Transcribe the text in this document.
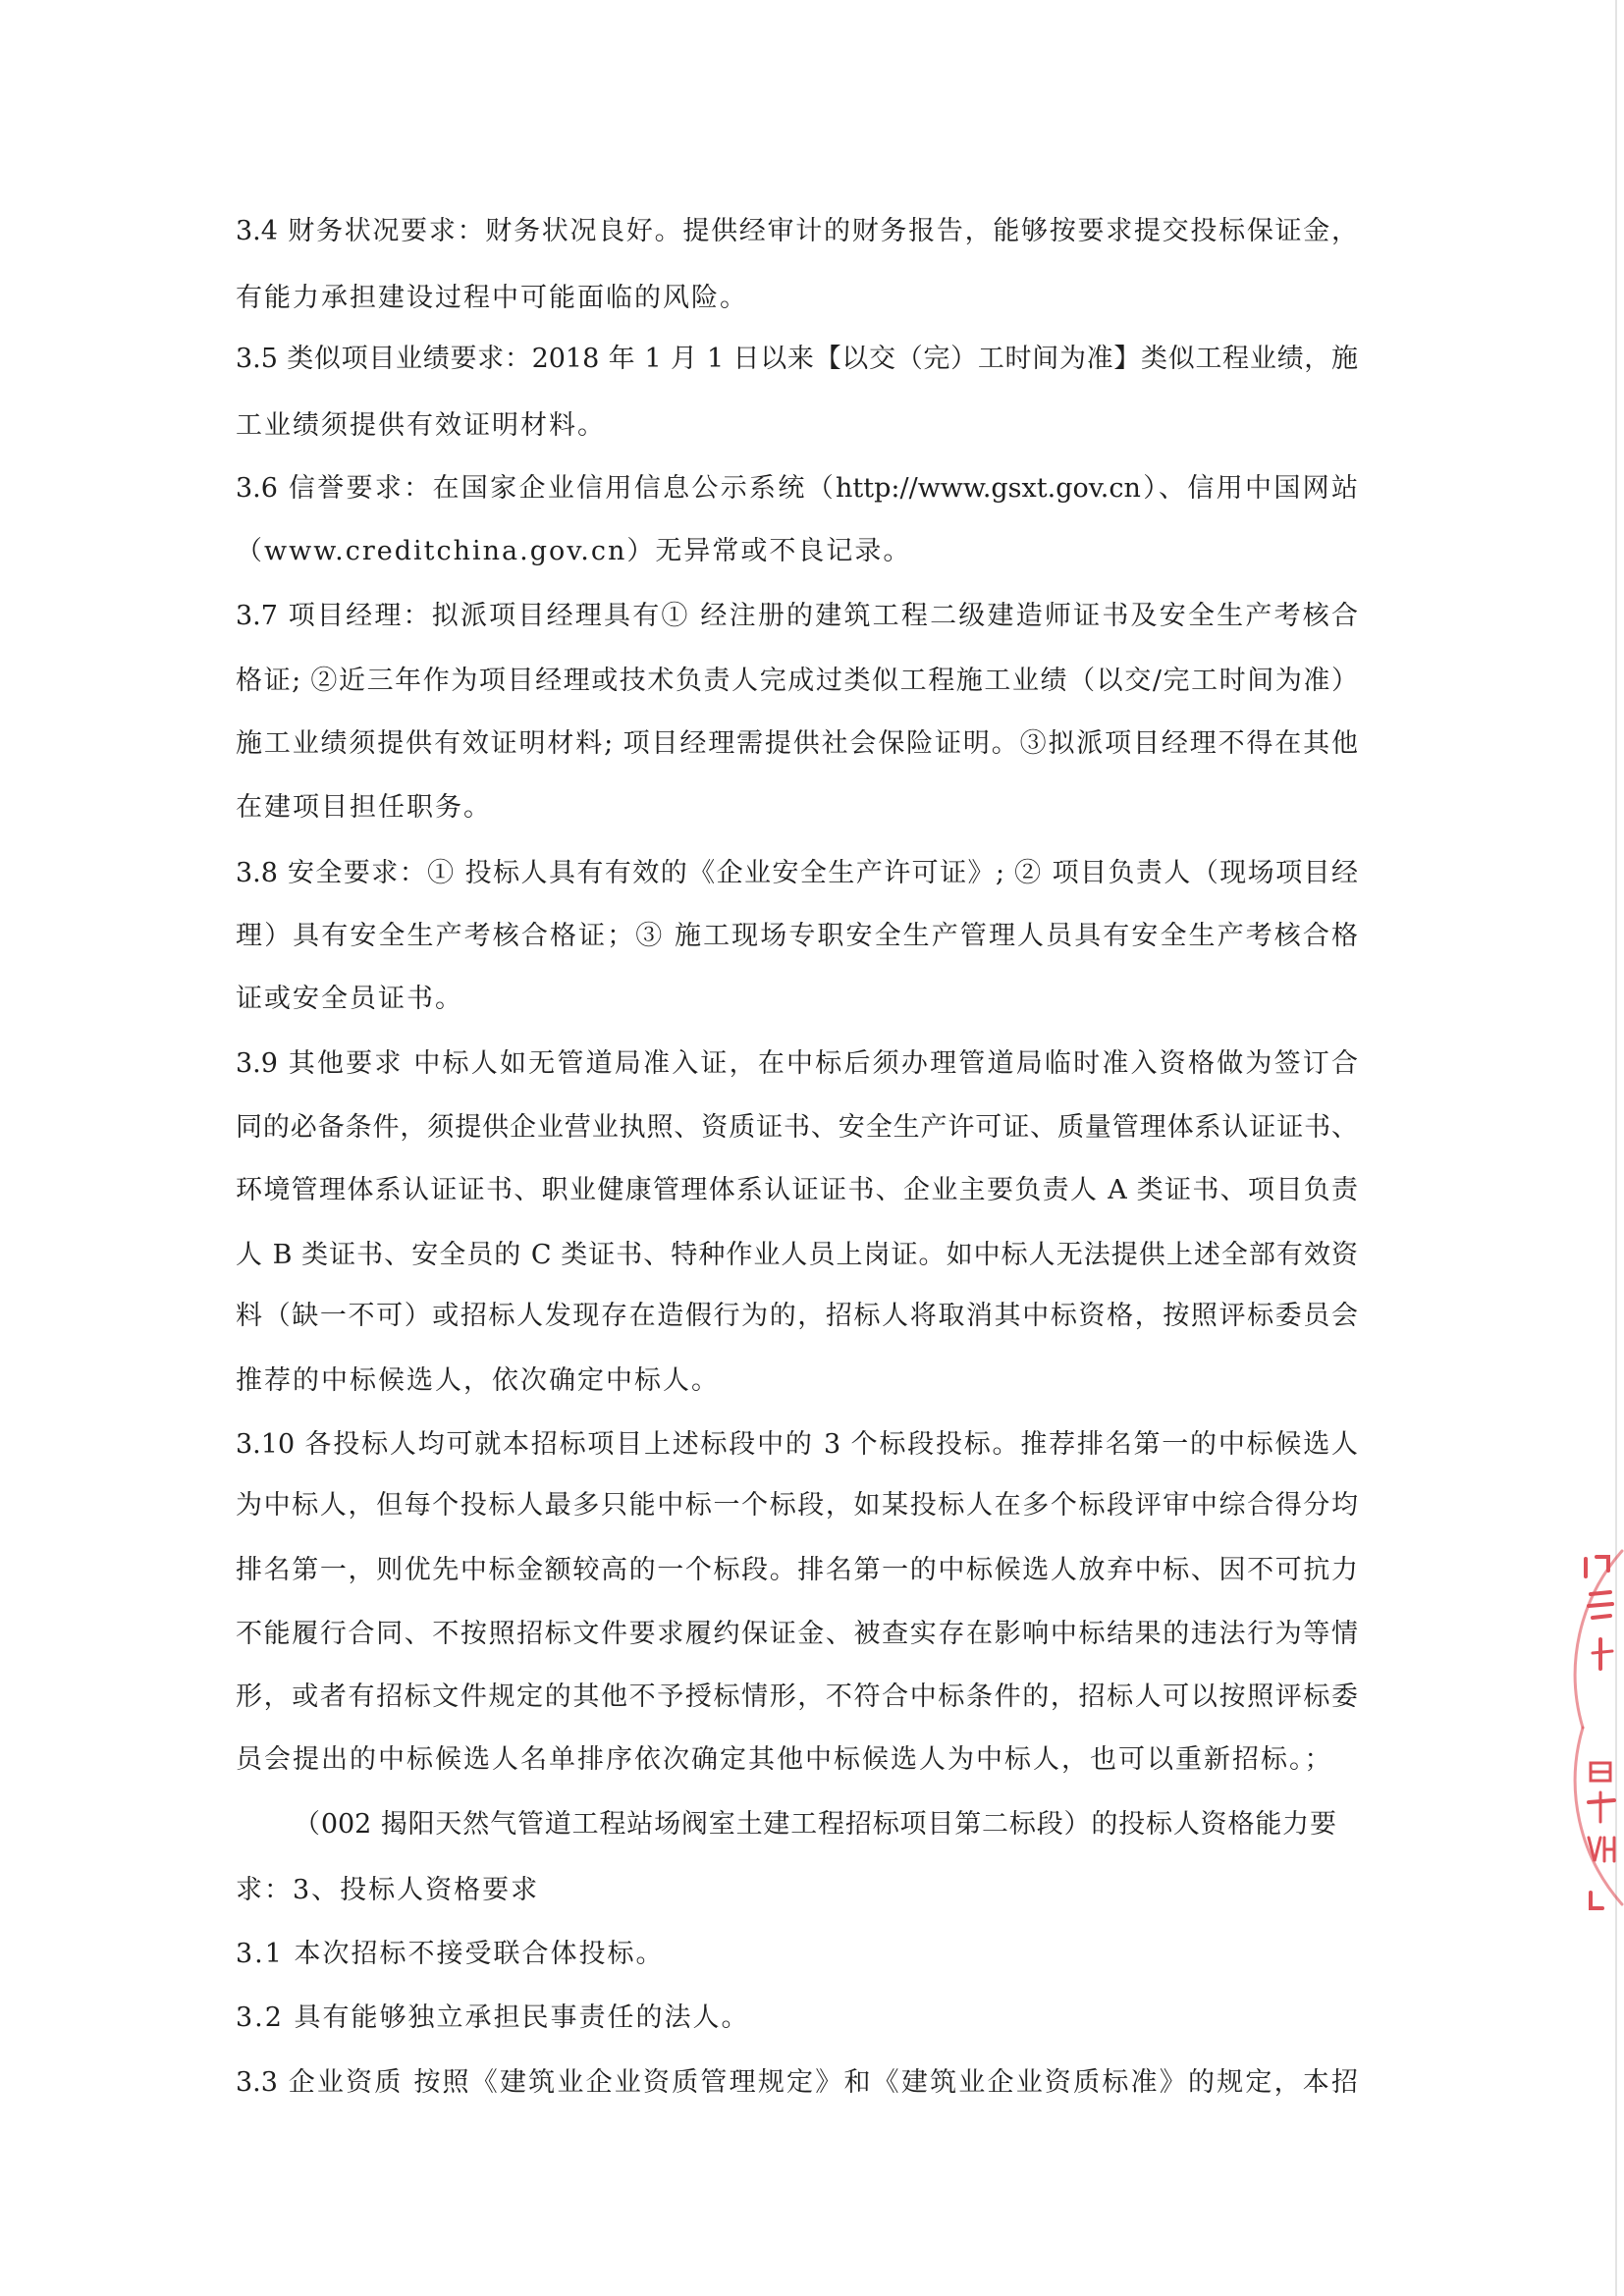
3.4 财务状况要求：财务状况良好。提供经审计的财务报告，能够按要求提交投标保证金，
有能力承担建设过程中可能面临的风险。
3.5 类似项目业绩要求：2018 年 1 月 1 日以来【以交（完）工时间为准】类似工程业绩，施
工业绩须提供有效证明材料。
3.6 信誉要求：在国家企业信用信息公示系统（http://www.gsxt.gov.cn）、信用中国网站
（www.creditchina.gov.cn）无异常或不良记录。
3.7 项目经理：拟派项目经理具有① 经注册的建筑工程二级建造师证书及安全生产考核合
格证; ②近三年作为项目经理或技术负责人完成过类似工程施工业绩（以交/完工时间为准）
施工业绩须提供有效证明材料; 项目经理需提供社会保险证明。③拟派项目经理不得在其他
在建项目担任职务。
3.8 安全要求：① 投标人具有有效的《企业安全生产许可证》; ② 项目负责人（现场项目经
理）具有安全生产考核合格证；③ 施工现场专职安全生产管理人员具有安全生产考核合格
证或安全员证书。
3.9 其他要求 中标人如无管道局准入证，在中标后须办理管道局临时准入资格做为签订合
同的必备条件，须提供企业营业执照、资质证书、安全生产许可证、质量管理体系认证证书、
环境管理体系认证证书、职业健康管理体系认证证书、企业主要负责人 A 类证书、项目负责
人 B 类证书、安全员的 C 类证书、特种作业人员上岗证。如中标人无法提供上述全部有效资
料（缺一不可）或招标人发现存在造假行为的，招标人将取消其中标资格，按照评标委员会
推荐的中标候选人，依次确定中标人。
3.10 各投标人均可就本招标项目上述标段中的 3 个标段投标。推荐排名第一的中标候选人
为中标人，但每个投标人最多只能中标一个标段，如某投标人在多个标段评审中综合得分均
排名第一，则优先中标金额较高的一个标段。排名第一的中标候选人放弃中标、因不可抗力
不能履行合同、不按照招标文件要求履约保证金、被查实存在影响中标结果的违法行为等情
形，或者有招标文件规定的其他不予授标情形，不符合中标条件的，招标人可以按照评标委
员会提出的中标候选人名单排序依次确定其他中标候选人为中标人，也可以重新招标。；
（002 揭阳天然气管道工程站场阀室土建工程招标项目第二标段）的投标人资格能力要
求：3、投标人资格要求
3.1 本次招标不接受联合体投标。
3.2 具有能够独立承担民事责任的法人。
3.3 企业资质 按照《建筑业企业资质管理规定》和《建筑业企业资质标准》的规定，本招
